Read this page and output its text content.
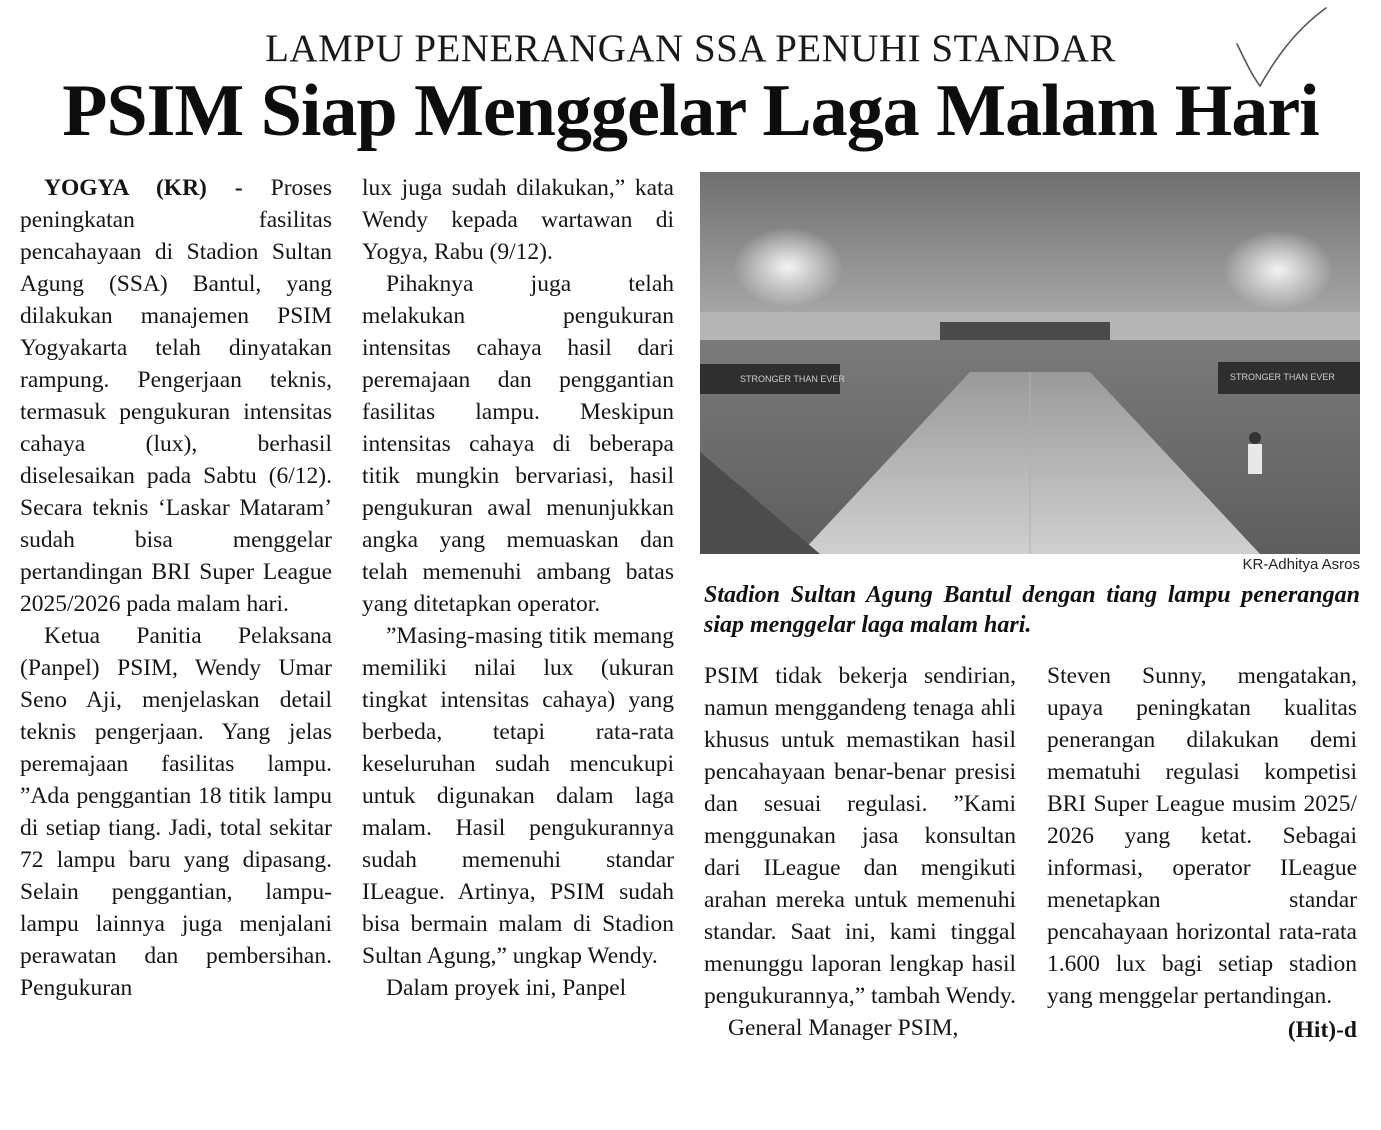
LAMPU PENERANGAN SSA PENUHI STANDAR
PSIM Siap Menggelar Laga Malam Hari

YOGYA (KR) - Proses peningkatan fasilitas pencahayaan di Stadion Sultan Agung (SSA) Bantul, yang dilakukan manajemen PSIM Yogyakarta telah dinyatakan rampung. Pengerjaan teknis, termasuk pengukuran intensitas cahaya (lux), berhasil diselesaikan pada Sabtu (6/12). Secara teknis ‘Laskar Mataram’ sudah bisa menggelar pertandingan BRI Super League 2025/2026 pada malam hari.

Ketua Panitia Pelaksana (Panpel) PSIM, Wendy Umar Seno Aji, menjelaskan detail teknis pengerjaan. Yang jelas peremajaan fasilitas lampu. ”Ada penggantian 18 titik lampu di setiap tiang. Jadi, total sekitar 72 lampu baru yang dipasang. Selain penggantian, lampu-lampu lainnya juga menjalani perawatan dan pembersihan. Pengukuran

lux juga sudah dilakukan,” kata Wendy kepada wartawan di Yogya, Rabu (9/12).

Pihaknya juga telah melakukan pengukuran intensitas cahaya hasil dari peremajaan dan penggantian fasilitas lampu. Meskipun intensitas cahaya di beberapa titik mungkin bervariasi, hasil pengukuran awal menunjukkan angka yang memuaskan dan telah memenuhi ambang batas yang ditetapkan operator.

”Masing-masing titik memang memiliki nilai lux (ukuran tingkat intensitas cahaya) yang berbeda, tetapi rata-rata keseluruhan sudah mencukupi untuk digunakan dalam laga malam. Hasil pengukurannya sudah memenuhi standar ILeague. Artinya, PSIM sudah bisa bermain malam di Stadion Sultan Agung,” ungkap Wendy.

Dalam proyek ini, Panpel

STRONGER THAN EVER	STRONGER THAN EVER
KR-Adhitya Asros
Stadion Sultan Agung Bantul dengan tiang lampu penerangan siap menggelar laga malam hari.

PSIM tidak bekerja sendirian, namun menggandeng tenaga ahli khusus untuk memastikan hasil pencahayaan benar-benar presisi dan sesuai regulasi. ”Kami menggunakan jasa konsultan dari ILeague dan mengikuti arahan mereka untuk memenuhi standar. Saat ini, kami tinggal menunggu laporan lengkap hasil pengukurannya,” tambah Wendy.

General Manager PSIM,

Steven Sunny, mengatakan, upaya peningkatan kualitas penerangan dilakukan demi mematuhi regulasi kompetisi BRI Super League musim 2025/ 2026 yang ketat. Sebagai informasi, operator ILeague menetapkan standar pencahayaan horizontal rata-rata 1.600 lux bagi setiap stadion yang menggelar pertandingan.

(Hit)-d
